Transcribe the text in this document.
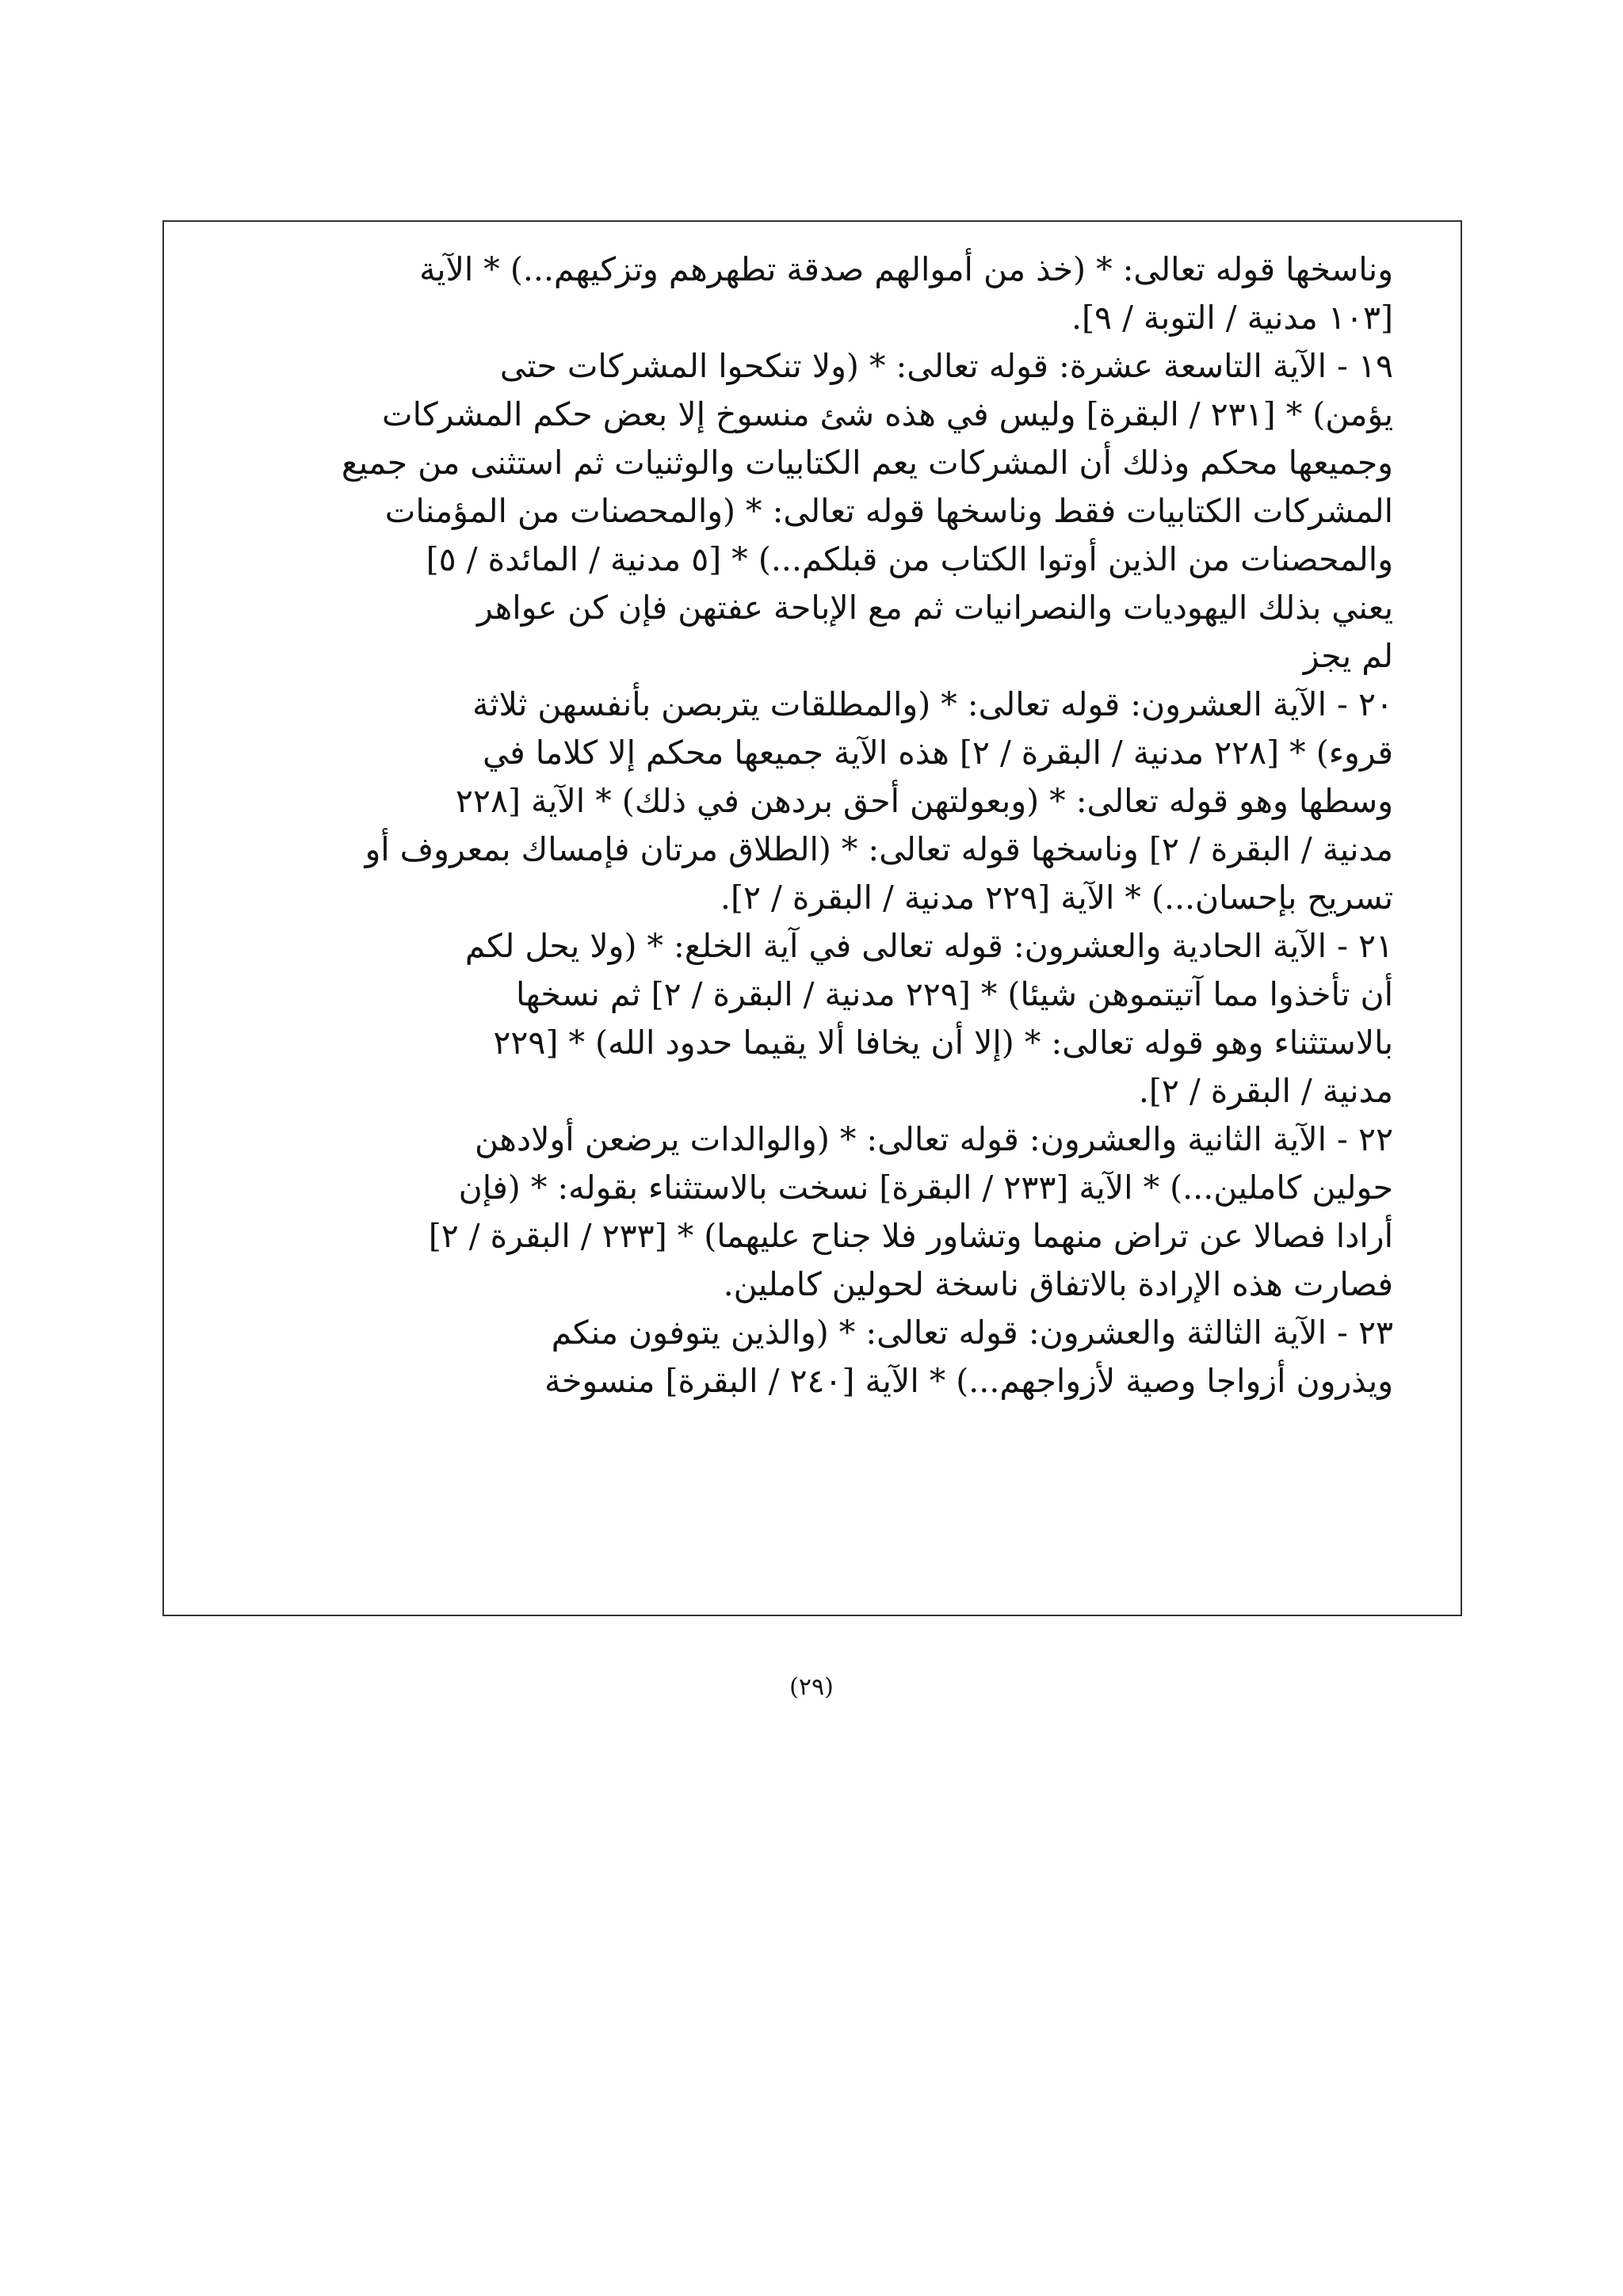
وناسخها قوله تعالى: * (خذ من أموالهم صدقة تطهرهم وتزكيهم...) * الآية
[١٠٣ مدنية / التوبة / ٩].
١٩ - الآية التاسعة عشرة: قوله تعالى: * (ولا تنكحوا المشركات حتى
يؤمن) * [٢٣١ / البقرة] وليس في هذه شئ منسوخ إلا بعض حكم المشركات
وجميعها محكم وذلك أن المشركات يعم الكتابيات والوثنيات ثم استثنى من جميع
المشركات الكتابيات فقط وناسخها قوله تعالى: * (والمحصنات من المؤمنات
والمحصنات من الذين أوتوا الكتاب من قبلكم...) * [٥ مدنية / المائدة / ٥]
يعني بذلك اليهوديات والنصرانيات ثم مع الإباحة عفتهن فإن كن عواهر
لم يجز
٢٠ - الآية العشرون: قوله تعالى: * (والمطلقات يتربصن بأنفسهن ثلاثة
قروء) * [٢٢٨ مدنية / البقرة / ٢] هذه الآية جميعها محكم إلا كلاما في
وسطها وهو قوله تعالى: * (وبعولتهن أحق بردهن في ذلك) * الآية [٢٢٨
مدنية / البقرة / ٢] وناسخها قوله تعالى: * (الطلاق مرتان فإمساك بمعروف أو
تسريح بإحسان...) * الآية [٢٢٩ مدنية / البقرة / ٢].
٢١ - الآية الحادية والعشرون: قوله تعالى في آية الخلع: * (ولا يحل لكم
أن تأخذوا مما آتيتموهن شيئا) * [٢٢٩ مدنية / البقرة / ٢] ثم نسخها
بالاستثناء وهو قوله تعالى: * (إلا أن يخافا ألا يقيما حدود الله) * [٢٢٩
مدنية / البقرة / ٢].
٢٢ - الآية الثانية والعشرون: قوله تعالى: * (والوالدات يرضعن أولادهن
حولين كاملين...) * الآية [٢٣٣ / البقرة] نسخت بالاستثناء بقوله: * (فإن
أرادا فصالا عن تراض منهما وتشاور فلا جناح عليهما) * [٢٣٣ / البقرة / ٢]
فصارت هذه الإرادة بالاتفاق ناسخة لحولين كاملين.
٢٣ - الآية الثالثة والعشرون: قوله تعالى: * (والذين يتوفون منكم
ويذرون أزواجا وصية لأزواجهم...) * الآية [٢٤٠ / البقرة] منسوخة
(٢٩)
